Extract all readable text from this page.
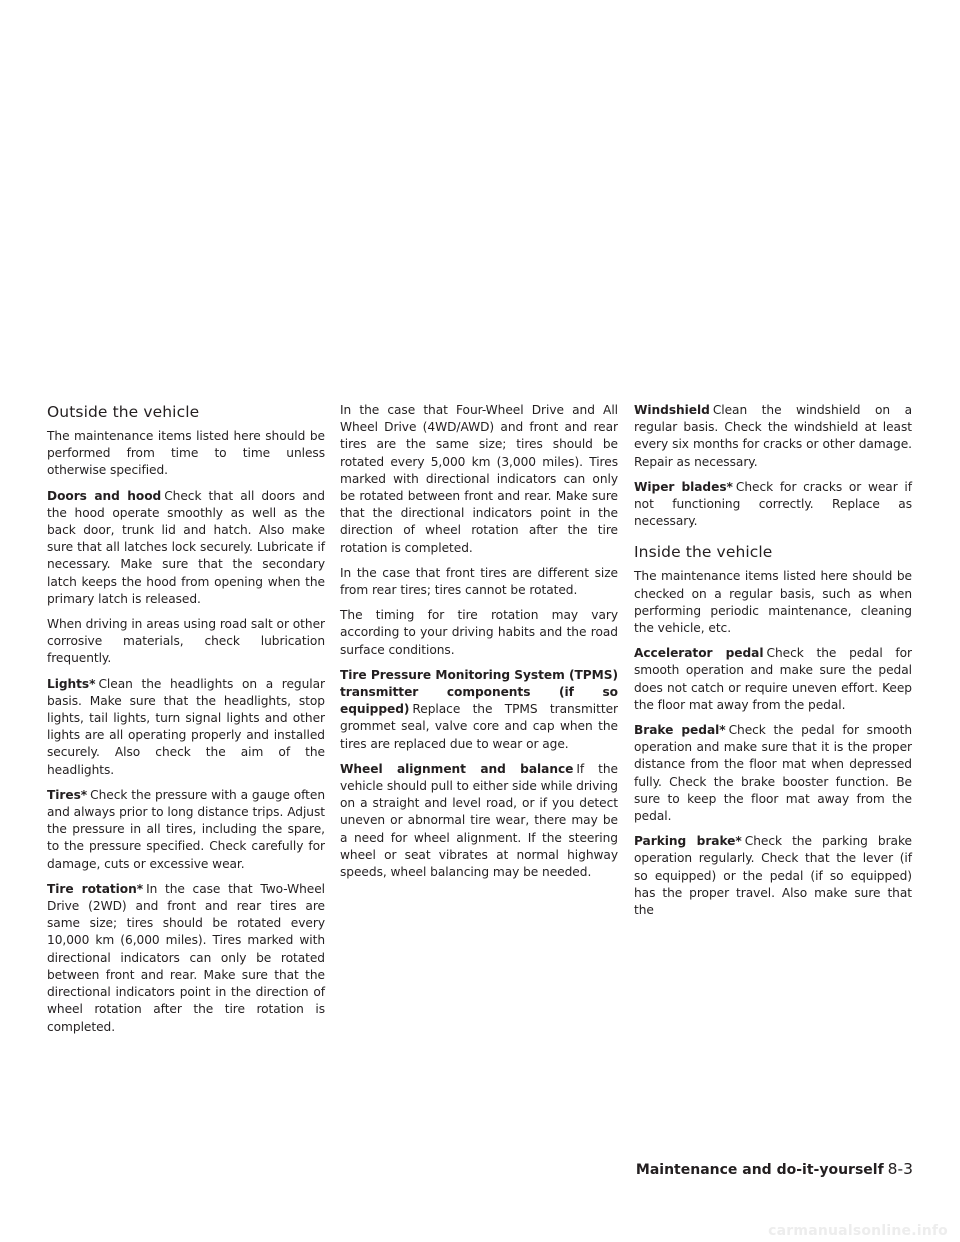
Outside the vehicle

The maintenance items listed here should be performed from time to time unless otherwise specified.

Doors and hood Check that all doors and the hood operate smoothly as well as the back door, trunk lid and hatch. Also make sure that all latches lock securely. Lubricate if necessary. Make sure that the secondary latch keeps the hood from opening when the primary latch is released.

When driving in areas using road salt or other corrosive materials, check lubrication frequently.

Lights* Clean the headlights on a regular basis. Make sure that the headlights, stop lights, tail lights, turn signal lights and other lights are all operating properly and installed securely. Also check the aim of the headlights.

Tires* Check the pressure with a gauge often and always prior to long distance trips. Adjust the pressure in all tires, including the spare, to the pressure specified. Check carefully for damage, cuts or excessive wear.

Tire rotation* In the case that Two-Wheel Drive (2WD) and front and rear tires are same size; tires should be rotated every 10,000 km (6,000 miles). Tires marked with directional indicators can only be rotated between front and rear. Make sure that the directional indicators point in the direction of wheel rotation after the tire rotation is completed.

In the case that Four-Wheel Drive and All Wheel Drive (4WD/AWD) and front and rear tires are the same size; tires should be rotated every 5,000 km (3,000 miles). Tires marked with directional indicators can only be rotated between front and rear. Make sure that the directional indicators point in the direction of wheel rotation after the tire rotation is completed.

In the case that front tires are different size from rear tires; tires cannot be rotated.

The timing for tire rotation may vary according to your driving habits and the road surface conditions.

Tire Pressure Monitoring System (TPMS) transmitter components (if so equipped) Replace the TPMS transmitter grommet seal, valve core and cap when the tires are replaced due to wear or age.

Wheel alignment and balance If the vehicle should pull to either side while driving on a straight and level road, or if you detect uneven or abnormal tire wear, there may be a need for wheel alignment. If the steering wheel or seat vibrates at normal highway speeds, wheel balancing may be needed.

Windshield Clean the windshield on a regular basis. Check the windshield at least every six months for cracks or other damage. Repair as necessary.

Wiper blades* Check for cracks or wear if not functioning correctly. Replace as necessary.

Inside the vehicle

The maintenance items listed here should be checked on a regular basis, such as when performing periodic maintenance, cleaning the vehicle, etc.

Accelerator pedal Check the pedal for smooth operation and make sure the pedal does not catch or require uneven effort. Keep the floor mat away from the pedal.

Brake pedal* Check the pedal for smooth operation and make sure that it is the proper distance from the floor mat when depressed fully. Check the brake booster function. Be sure to keep the floor mat away from the pedal.

Parking brake* Check the parking brake operation regularly. Check that the lever (if so equipped) or the pedal (if so equipped) has the proper travel. Also make sure that the

Maintenance and do-it-yourself 8-3
carmanualsonline.info
